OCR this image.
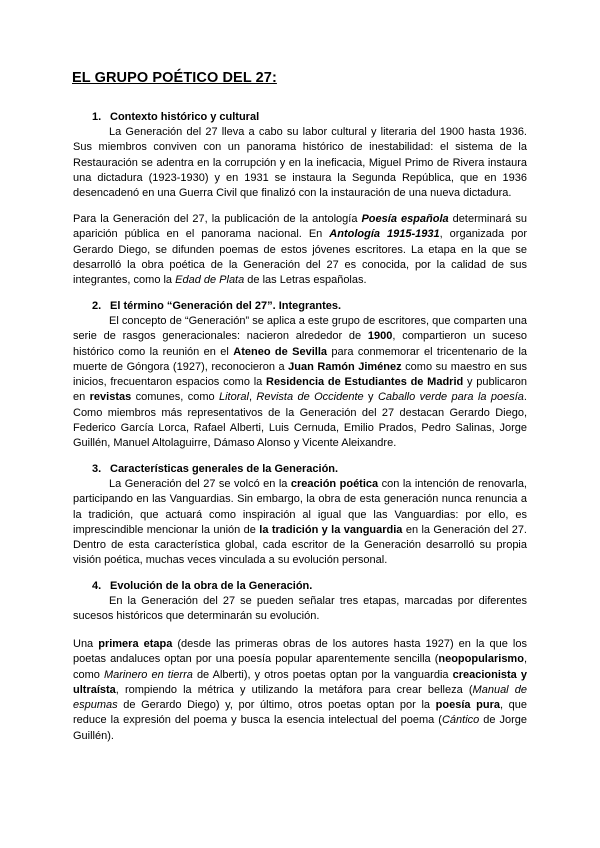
EL GRUPO POÉTICO DEL 27:
1. Contexto histórico y cultural
La Generación del 27 lleva a cabo su labor cultural y literaria del 1900 hasta 1936. Sus miembros conviven con un panorama histórico de inestabilidad: el sistema de la Restauración se adentra en la corrupción y en la ineficacia, Miguel Primo de Rivera instaura una dictadura (1923-1930) y en 1931 se instaura la Segunda República, que en 1936 desencadenó en una Guerra Civil que finalizó con la instauración de una nueva dictadura.
Para la Generación del 27, la publicación de la antología Poesía española determinará su aparición pública en el panorama nacional. En Antología 1915-1931, organizada por Gerardo Diego, se difunden poemas de estos jóvenes escritores. La etapa en la que se desarrolló la obra poética de la Generación del 27 es conocida, por la calidad de sus integrantes, como la Edad de Plata de las Letras españolas.
2. El término “Generación del 27”. Integrantes.
El concepto de “Generación” se aplica a este grupo de escritores, que comparten una serie de rasgos generacionales: nacieron alrededor de 1900, compartieron un suceso histórico como la reunión en el Ateneo de Sevilla para conmemorar el tricentenario de la muerte de Góngora (1927), reconocieron a Juan Ramón Jiménez como su maestro en sus inicios, frecuentaron espacios como la Residencia de Estudiantes de Madrid y publicaron en revistas comunes, como Litoral, Revista de Occidente y Caballo verde para la poesía. Como miembros más representativos de la Generación del 27 destacan Gerardo Diego, Federico García Lorca, Rafael Alberti, Luis Cernuda, Emilio Prados, Pedro Salinas, Jorge Guillén, Manuel Altolaguirre, Dámaso Alonso y Vicente Aleixandre.
3. Características generales de la Generación.
La Generación del 27 se volcó en la creación poética con la intención de renovarla, participando en las Vanguardias. Sin embargo, la obra de esta generación nunca renuncia a la tradición, que actuará como inspiración al igual que las Vanguardias: por ello, es imprescindible mencionar la unión de la tradición y la vanguardia en la Generación del 27. Dentro de esta característica global, cada escritor de la Generación desarrolló su propia visión poética, muchas veces vinculada a su evolución personal.
4. Evolución de la obra de la Generación.
En la Generación del 27 se pueden señalar tres etapas, marcadas por diferentes sucesos históricos que determinarán su evolución.
Una primera etapa (desde las primeras obras de los autores hasta 1927) en la que los poetas andaluces optan por una poesía popular aparentemente sencilla (neopopularismo, como Marinero en tierra de Alberti), y otros poetas optan por la vanguardia creacionista y ultraísta, rompiendo la métrica y utilizando la metáfora para crear belleza (Manual de espumas de Gerardo Diego) y, por último, otros poetas optan por la poesía pura, que reduce la expresión del poema y busca la esencia intelectual del poema (Cántico de Jorge Guillén).
